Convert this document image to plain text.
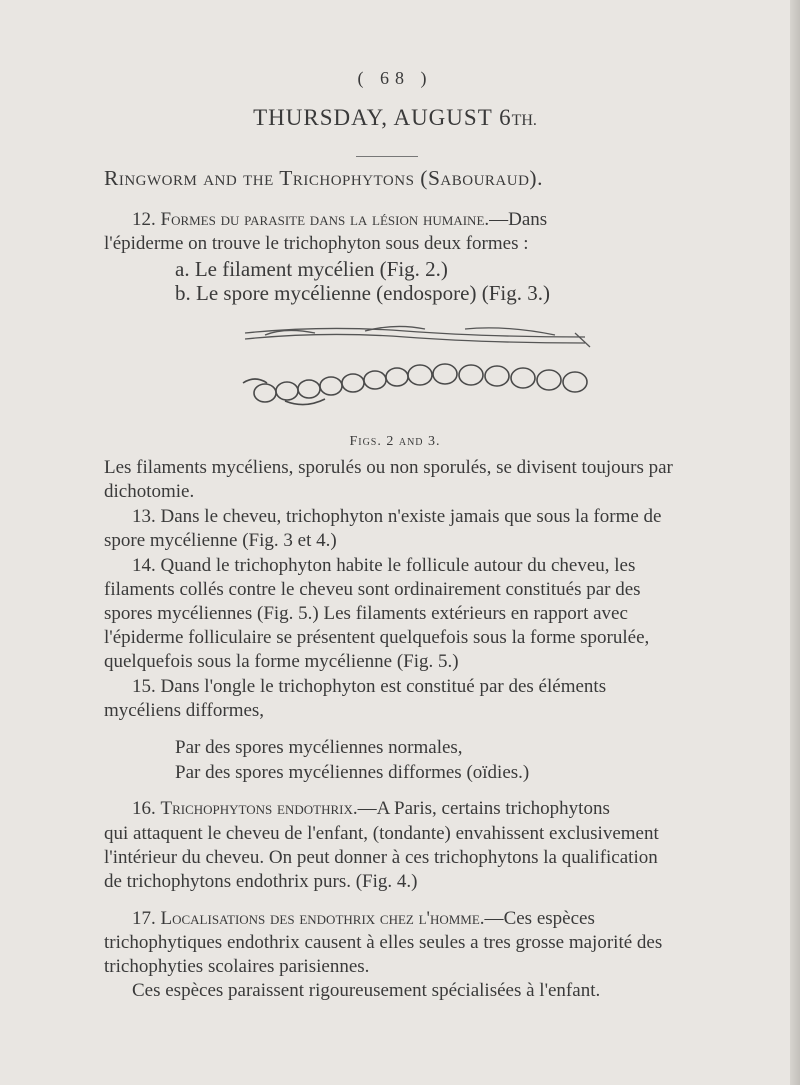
( 68 )
THURSDAY, AUGUST 6TH.
Ringworm and the Trichophytons (Sabouraud).
12. Formes du parasite dans la lésion humaine.—Dans
l'épiderme on trouve le trichophyton sous deux formes :
a. Le filament mycélien (Fig. 2.)
b. Le spore mycélienne (endospore) (Fig. 3.)
Figs. 2 and 3.
Les filaments mycéliens, sporulés ou non sporulés, se divisent toujours par
dichotomie.
13. Dans le cheveu, trichophyton n'existe jamais que sous la forme de
spore mycélienne (Fig. 3 et 4.)
14. Quand le trichophyton habite le follicule autour du cheveu, les
filaments collés contre le cheveu sont ordinairement constitués par des
spores mycéliennes (Fig. 5.) Les filaments extérieurs en rapport avec
l'épiderme folliculaire se présentent quelquefois sous la forme sporulée,
quelquefois sous la forme mycélienne (Fig. 5.)
15. Dans l'ongle le trichophyton est constitué par des éléments
mycéliens difformes,
Par des spores mycéliennes normales,
Par des spores mycéliennes difformes (oïdies.)
16. Trichophytons endothrix.—A Paris, certains trichophytons
qui attaquent le cheveu de l'enfant, (tondante) envahissent exclusivement
l'intérieur du cheveu. On peut donner à ces trichophytons la qualification
de trichophytons endothrix purs. (Fig. 4.)
17. Localisations des endothrix chez l'homme.—Ces espèces
trichophytiques endothrix causent à elles seules a tres grosse majorité des
trichophyties scolaires parisiennes.
Ces espèces paraissent rigoureusement spécialisées à l'enfant.
